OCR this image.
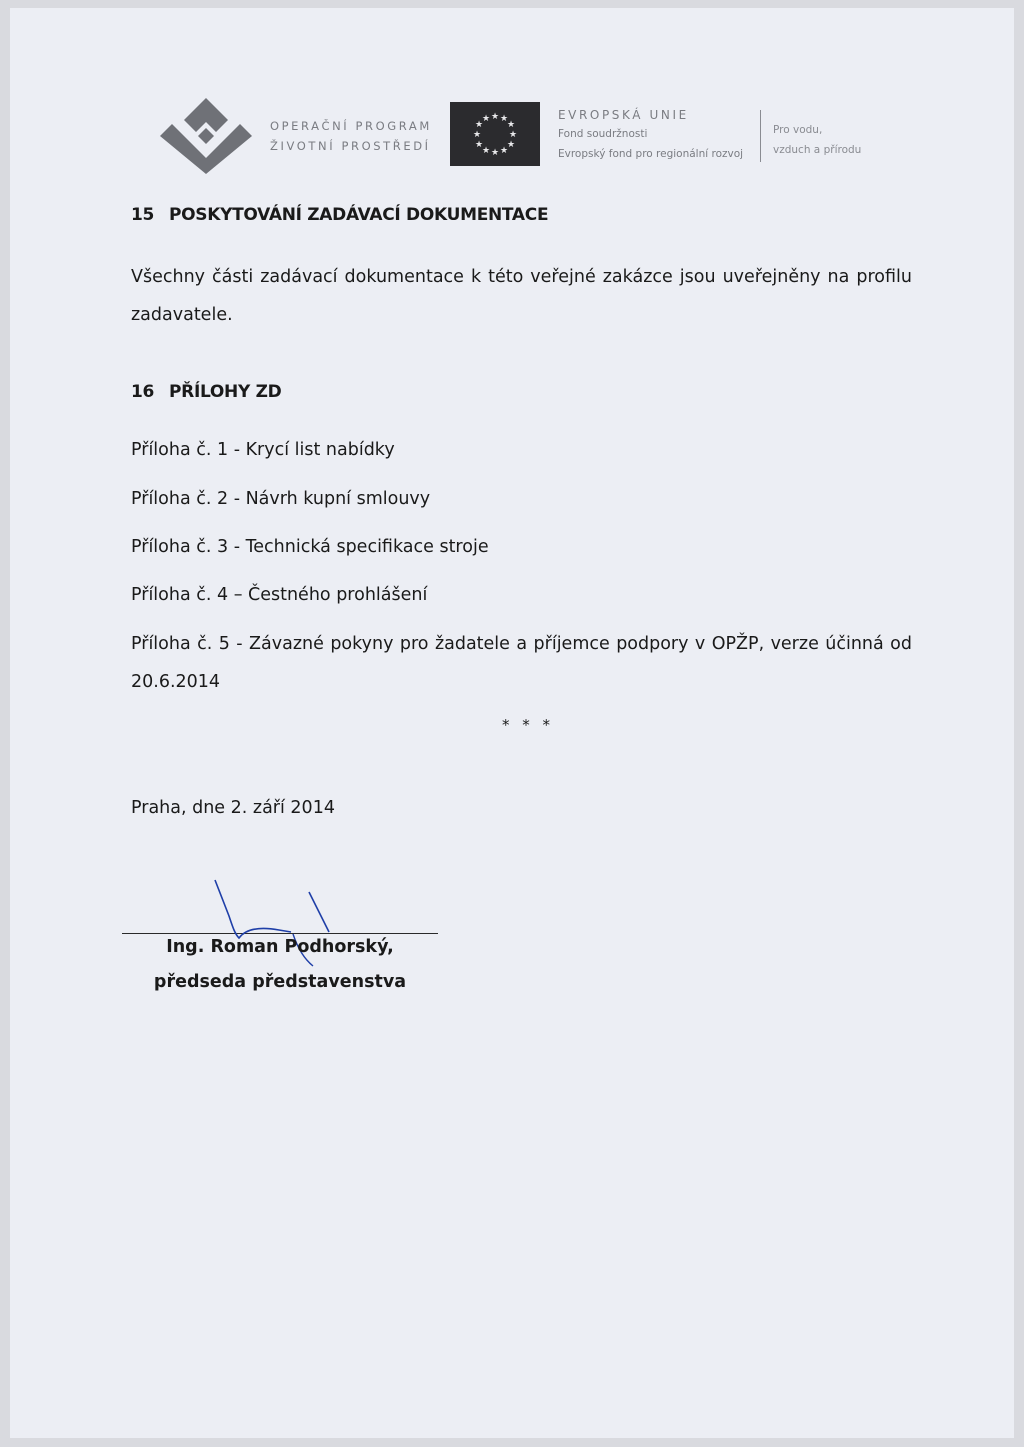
OPERAČNÍ PROGRAM
ŽIVOTNÍ PROSTŘEDÍ
★ ★
★
★
★
★
★
★
★
★
★
★	EVROPSKÁ UNIE
Fond soudržnosti
Evropský fond pro regionální rozvoj
Pro vodu,
vzduch a přírodu
15 POSKYTOVÁNÍ ZADÁVACÍ DOKUMENTACE

Všechny části zadávací dokumentace k této veřejné zakázce jsou uveřejněny na profilu zadavatele.

16 PŘÍLOHY ZD
Příloha č. 1 - Krycí list nabídky
Příloha č. 2 - Návrh kupní smlouvy
Příloha č. 3 - Technická specifikace stroje
Příloha č. 4 – Čestného prohlášení
Příloha č. 5 - Závazné pokyny pro žadatele a příjemce podpory v OPŽP, verze účinná od 20.6.2014
* * *
Praha, dne 2. září 2014
Ing. Roman Podhorský,
předseda představenstva
